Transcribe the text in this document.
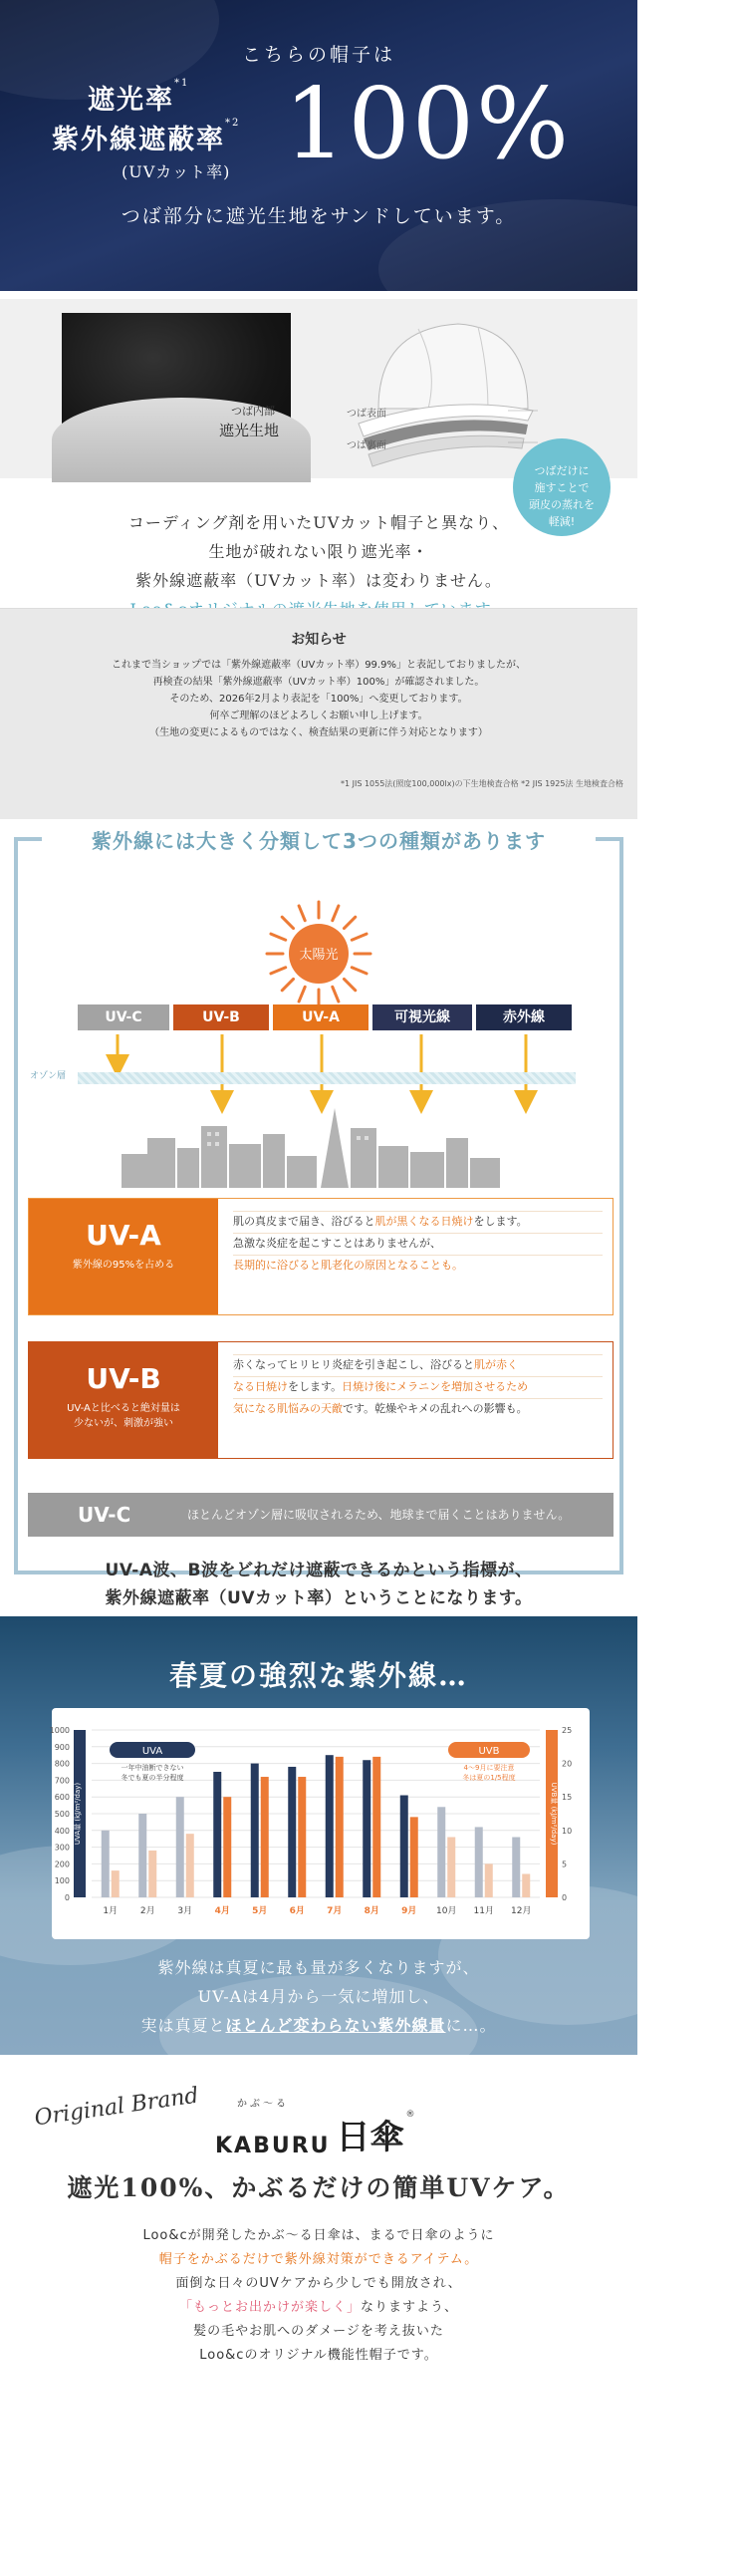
こちらの帽子は
遮光率$^{*1}$
紫外線遮蔽率$^{*2}$
(UVカット率) 100%
つば部分に遮光生地をサンドしています。
つば内部
遮光生地
つば表面
つば裏面
つばだけに
施すことで
頭皮の蒸れを
軽減!
コーディング剤を用いたUVカット帽子と異なり、
生地が破れない限り遮光率・
紫外線遮蔽率（UVカット率）は変わりません。
お知らせ
これまで当ショップでは「紫外線遮蔽率（UVカット率）99.9%」と表記しておりましたが、
再検査の結果「紫外線遮蔽率（UVカット率）100%」が確認されました。
そのため、2026年2月より表記を「100%」へ変更しております。
何卒ご理解のほどよろしくお願い申し上げます。
（生地の変更によるものではなく、検査結果の更新に伴う対応となります）
*1 JIS 1055法(照度100,000lx)の下生地検査合格 *2 JIS 1925法 生地検査合格
紫外線には大きく分類して3つの種類があります
太陽光
UV-C	UV-B	UV-A	可視光線	赤外線
オゾン層
UV-A
紫外線の95%を占める
肌の真皮まで届き、浴びると肌が黒くなる日焼けをします。
急激な炎症を起こすことはありませんが、
長期的に浴びると肌老化の原因となることも。
UV-B
UV-Aと比べると絶対量は
少ないが、刺激が強い
赤くなってヒリヒリ炎症を引き起こし、浴びると肌が赤く
なる日焼けをします。日焼け後にメラニンを増加させるため
気になる肌悩みの天敵です。乾燥やキメの乱れへの影響も。
UV-C	ほとんどオゾン層に吸収されるため、地球まで届くことはありません。
UV-A波、B波をどれだけ遮蔽できるかという指標が、
紫外線遮蔽率（UVカット率）ということになります。
春夏の強烈な紫外線…
0
100
200
300
400
500
600
700
800
900
1000
0
5
10
15
20
25
UVA量 (kJ/m²/day)	UVB量 (kJ/m²/day)
1月	2月	3月	4月 5月 6月 7月 8月 9月 10月 11月 12月
UVA
一年中油断できない
冬でも夏の半分程度
UVB
4〜9月に要注意
冬は夏の1/5程度
紫外線は真夏に最も量が多くなりますが、
UV-Aは4月から一気に増加し、
実は真夏とほとんど変わらない紫外線量に…。
Original Brand	かぶ～る
KABURU 日傘
®
遮光100%、かぶるだけの簡単UVケア。
Loo&cが開発したかぶ～る日傘は、まるで日傘のように
帽子をかぶるだけで紫外線対策ができるアイテム。
面倒な日々のUVケアから少しでも開放され、
「もっとお出かけが楽しく」なりますよう、
髪の毛やお肌へのダメージを考え抜いた
Loo&cのオリジナル機能性帽子です。
